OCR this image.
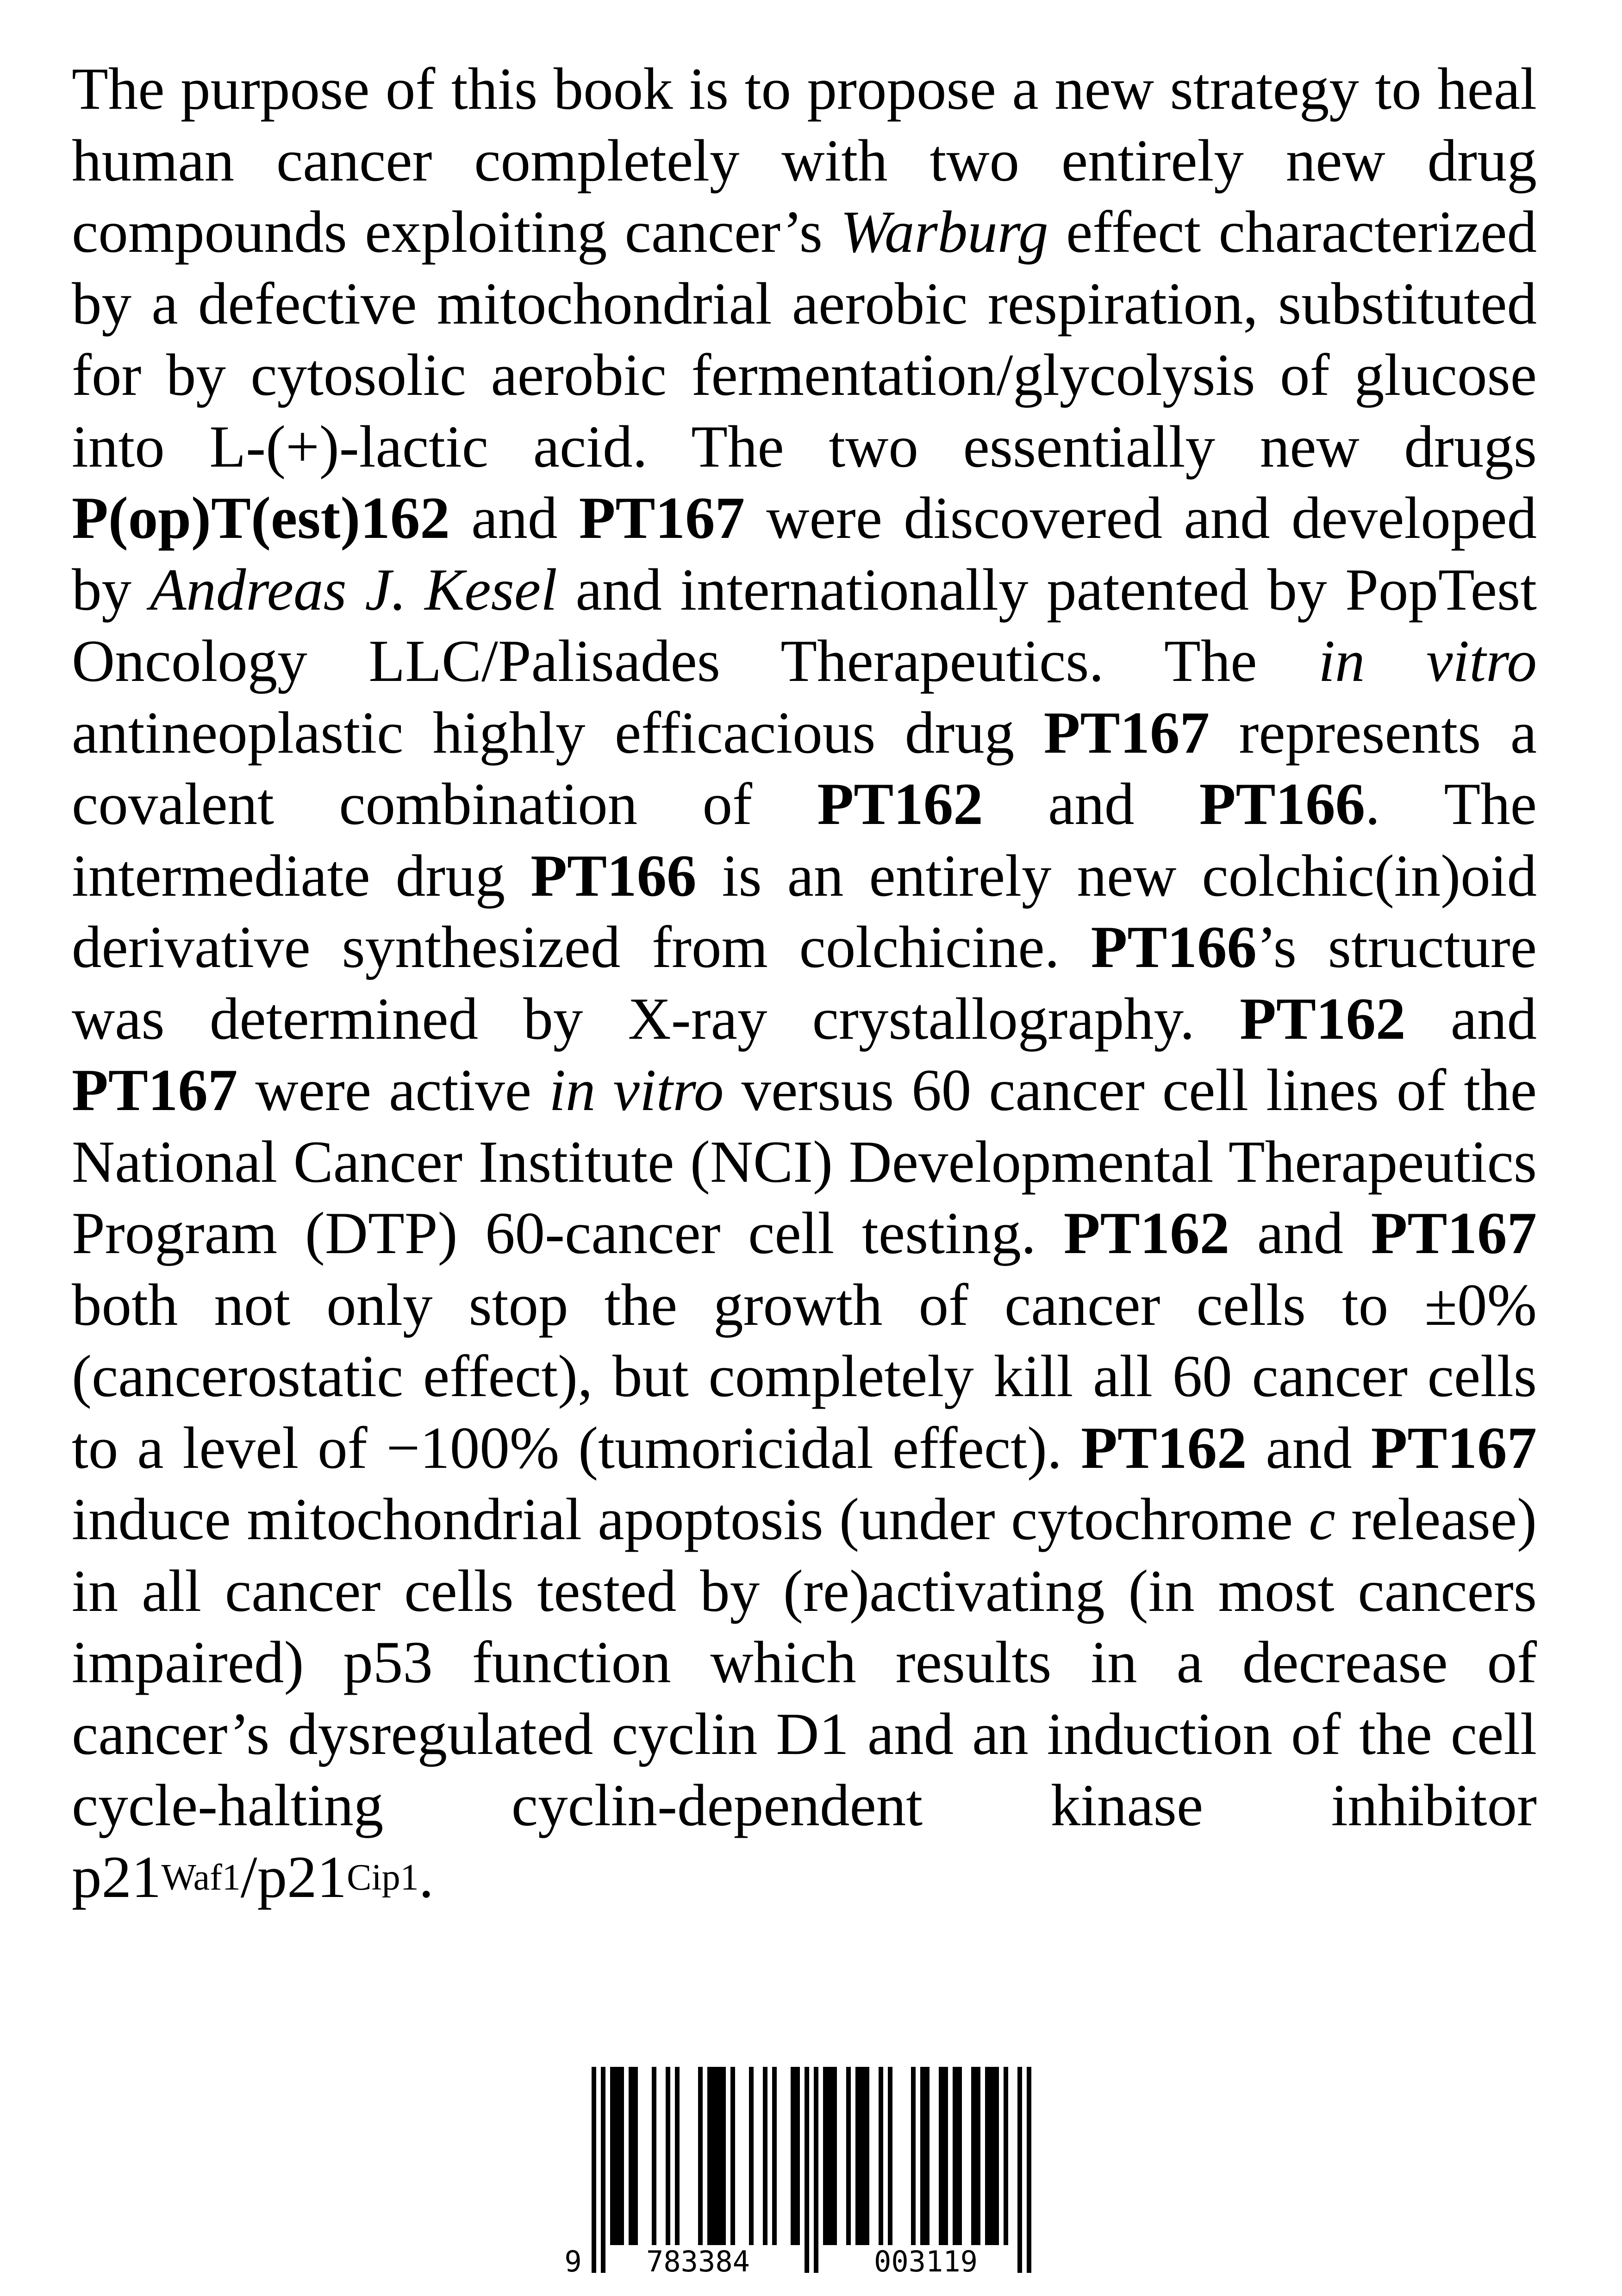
The purpose of this book is to propose a new strategy to heal human cancer completely with two entirely new drug compounds exploiting cancer’s Warburg effect characterized by a defective mitochondrial aerobic respiration, substituted for by cytosolic aerobic fermentation/glycolysis of glucose into L-(+)-lactic acid. The two essentially new drugs P(op)T(est)162 and PT167 were discovered and developed by Andreas J. Kesel and internationally patented by PopTest Oncology LLC/Palisades Therapeutics. The in vitro antineoplastic highly efficacious drug PT167 represents a covalent combination of PT162 and PT166. The intermediate drug PT166 is an entirely new colchic(in)oid derivative synthesized from colchicine. PT166’s structure was determined by X-ray crystallography. PT162 and PT167 were active in vitro versus 60 cancer cell lines of the National Cancer Institute (NCI) Developmental Therapeutics Program (DTP) 60-cancer cell testing. PT162 and PT167 both not only stop the growth of cancer cells to ±0% (cancerostatic effect), but completely kill all 60 cancer cells to a level of −100% (tumoricidal effect). PT162 and PT167 induce mitochondrial apoptosis (under cytochrome c release) in all cancer cells tested by (re)activating (in most cancers impaired) p53 function which results in a decrease of cancer’s dysregulated cyclin D1 and an induction of the cell cycle-halting cyclin-dependent kinase inhibitor $p21^{Waf1}/p21^{Cip1}$.

9 783384	003119
